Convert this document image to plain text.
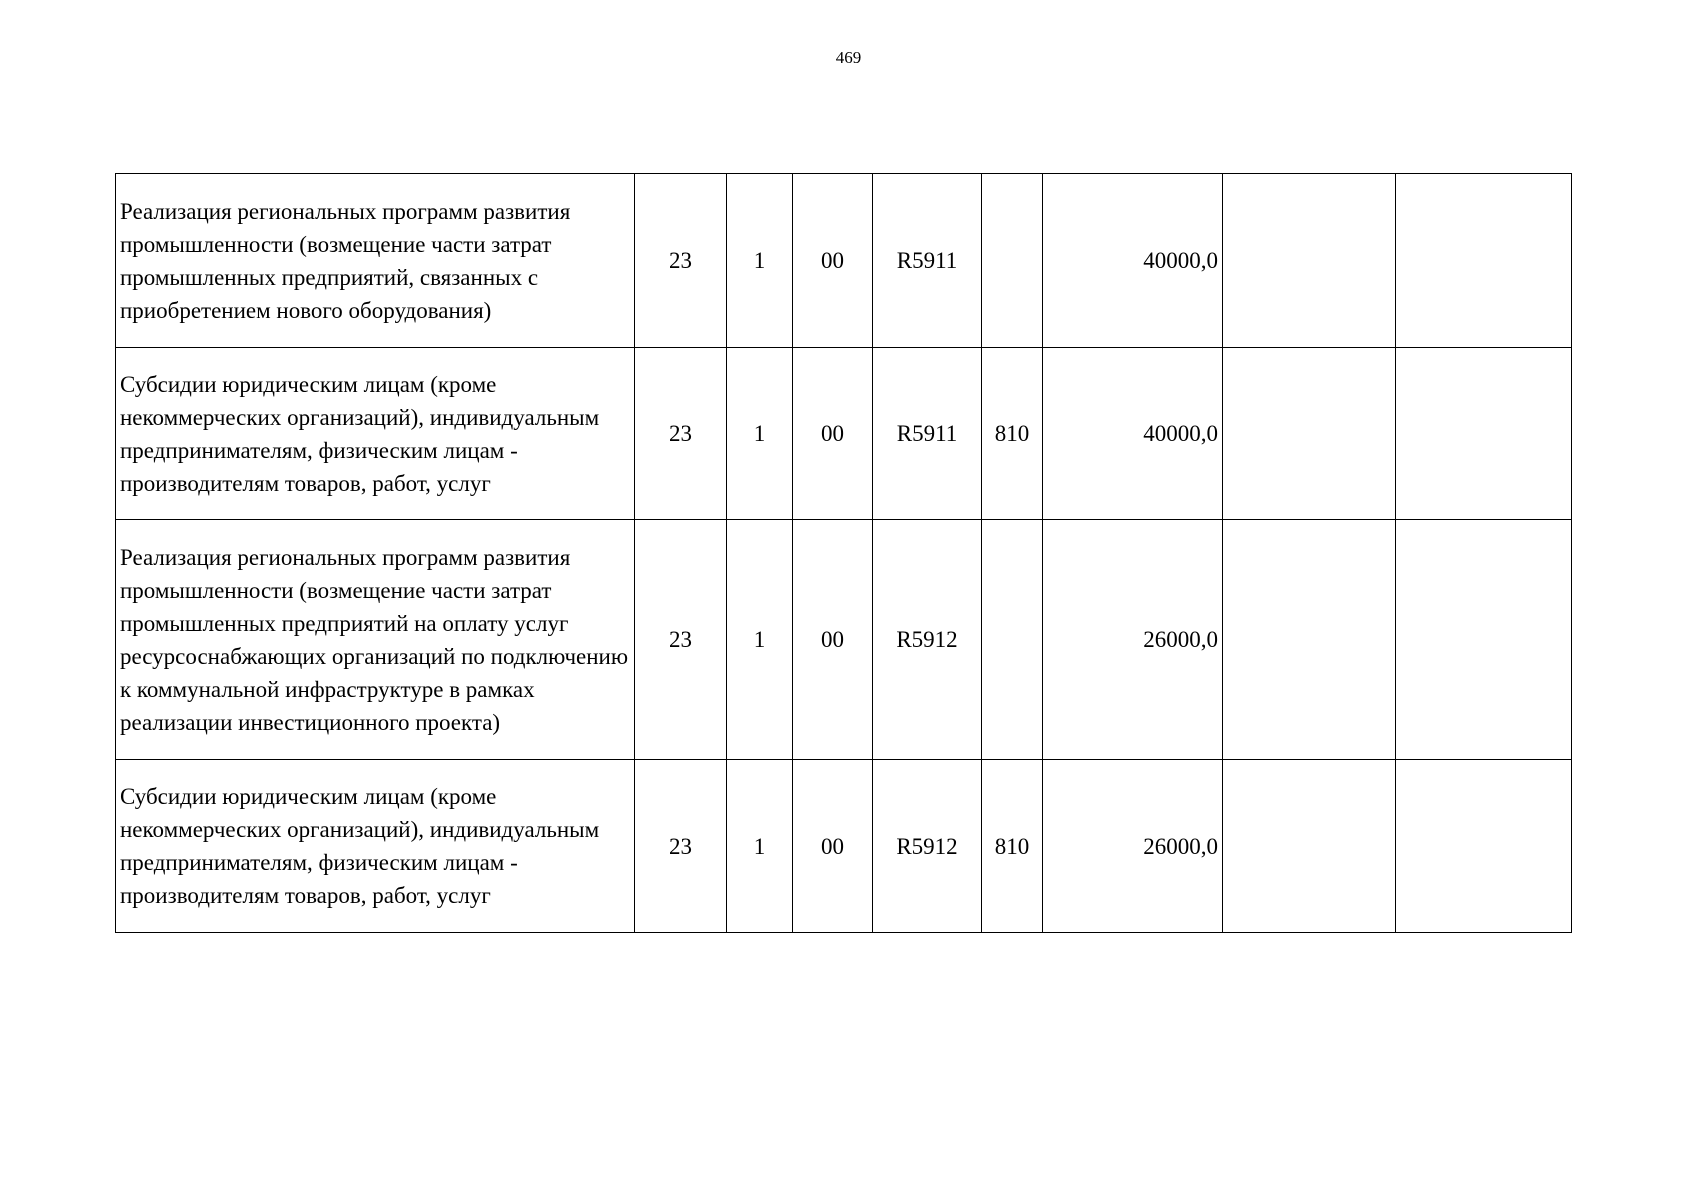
469
Реализация региональных программ развития промышленности (возмещение части затрат промышленных предприятий, связанных с приобретением нового оборудования)	23	1	00	R5911		40000,0		
Субсидии юридическим лицам (кроме некоммерческих организаций), индивидуальным предпринимателям, физическим лицам - производителям товаров, работ, услуг	23	1	00	R5911	810	40000,0		
Реализация региональных программ развития промышленности (возмещение части затрат промышленных предприятий на оплату услуг ресурсоснабжающих организаций по подключению к коммунальной инфраструктуре в рамках реализации инвестиционного проекта)	23	1	00	R5912		26000,0		
Субсидии юридическим лицам (кроме некоммерческих организаций), индивидуальным предпринимателям, физическим лицам - производителям товаров, работ, услуг	23	1	00	R5912	810	26000,0		
